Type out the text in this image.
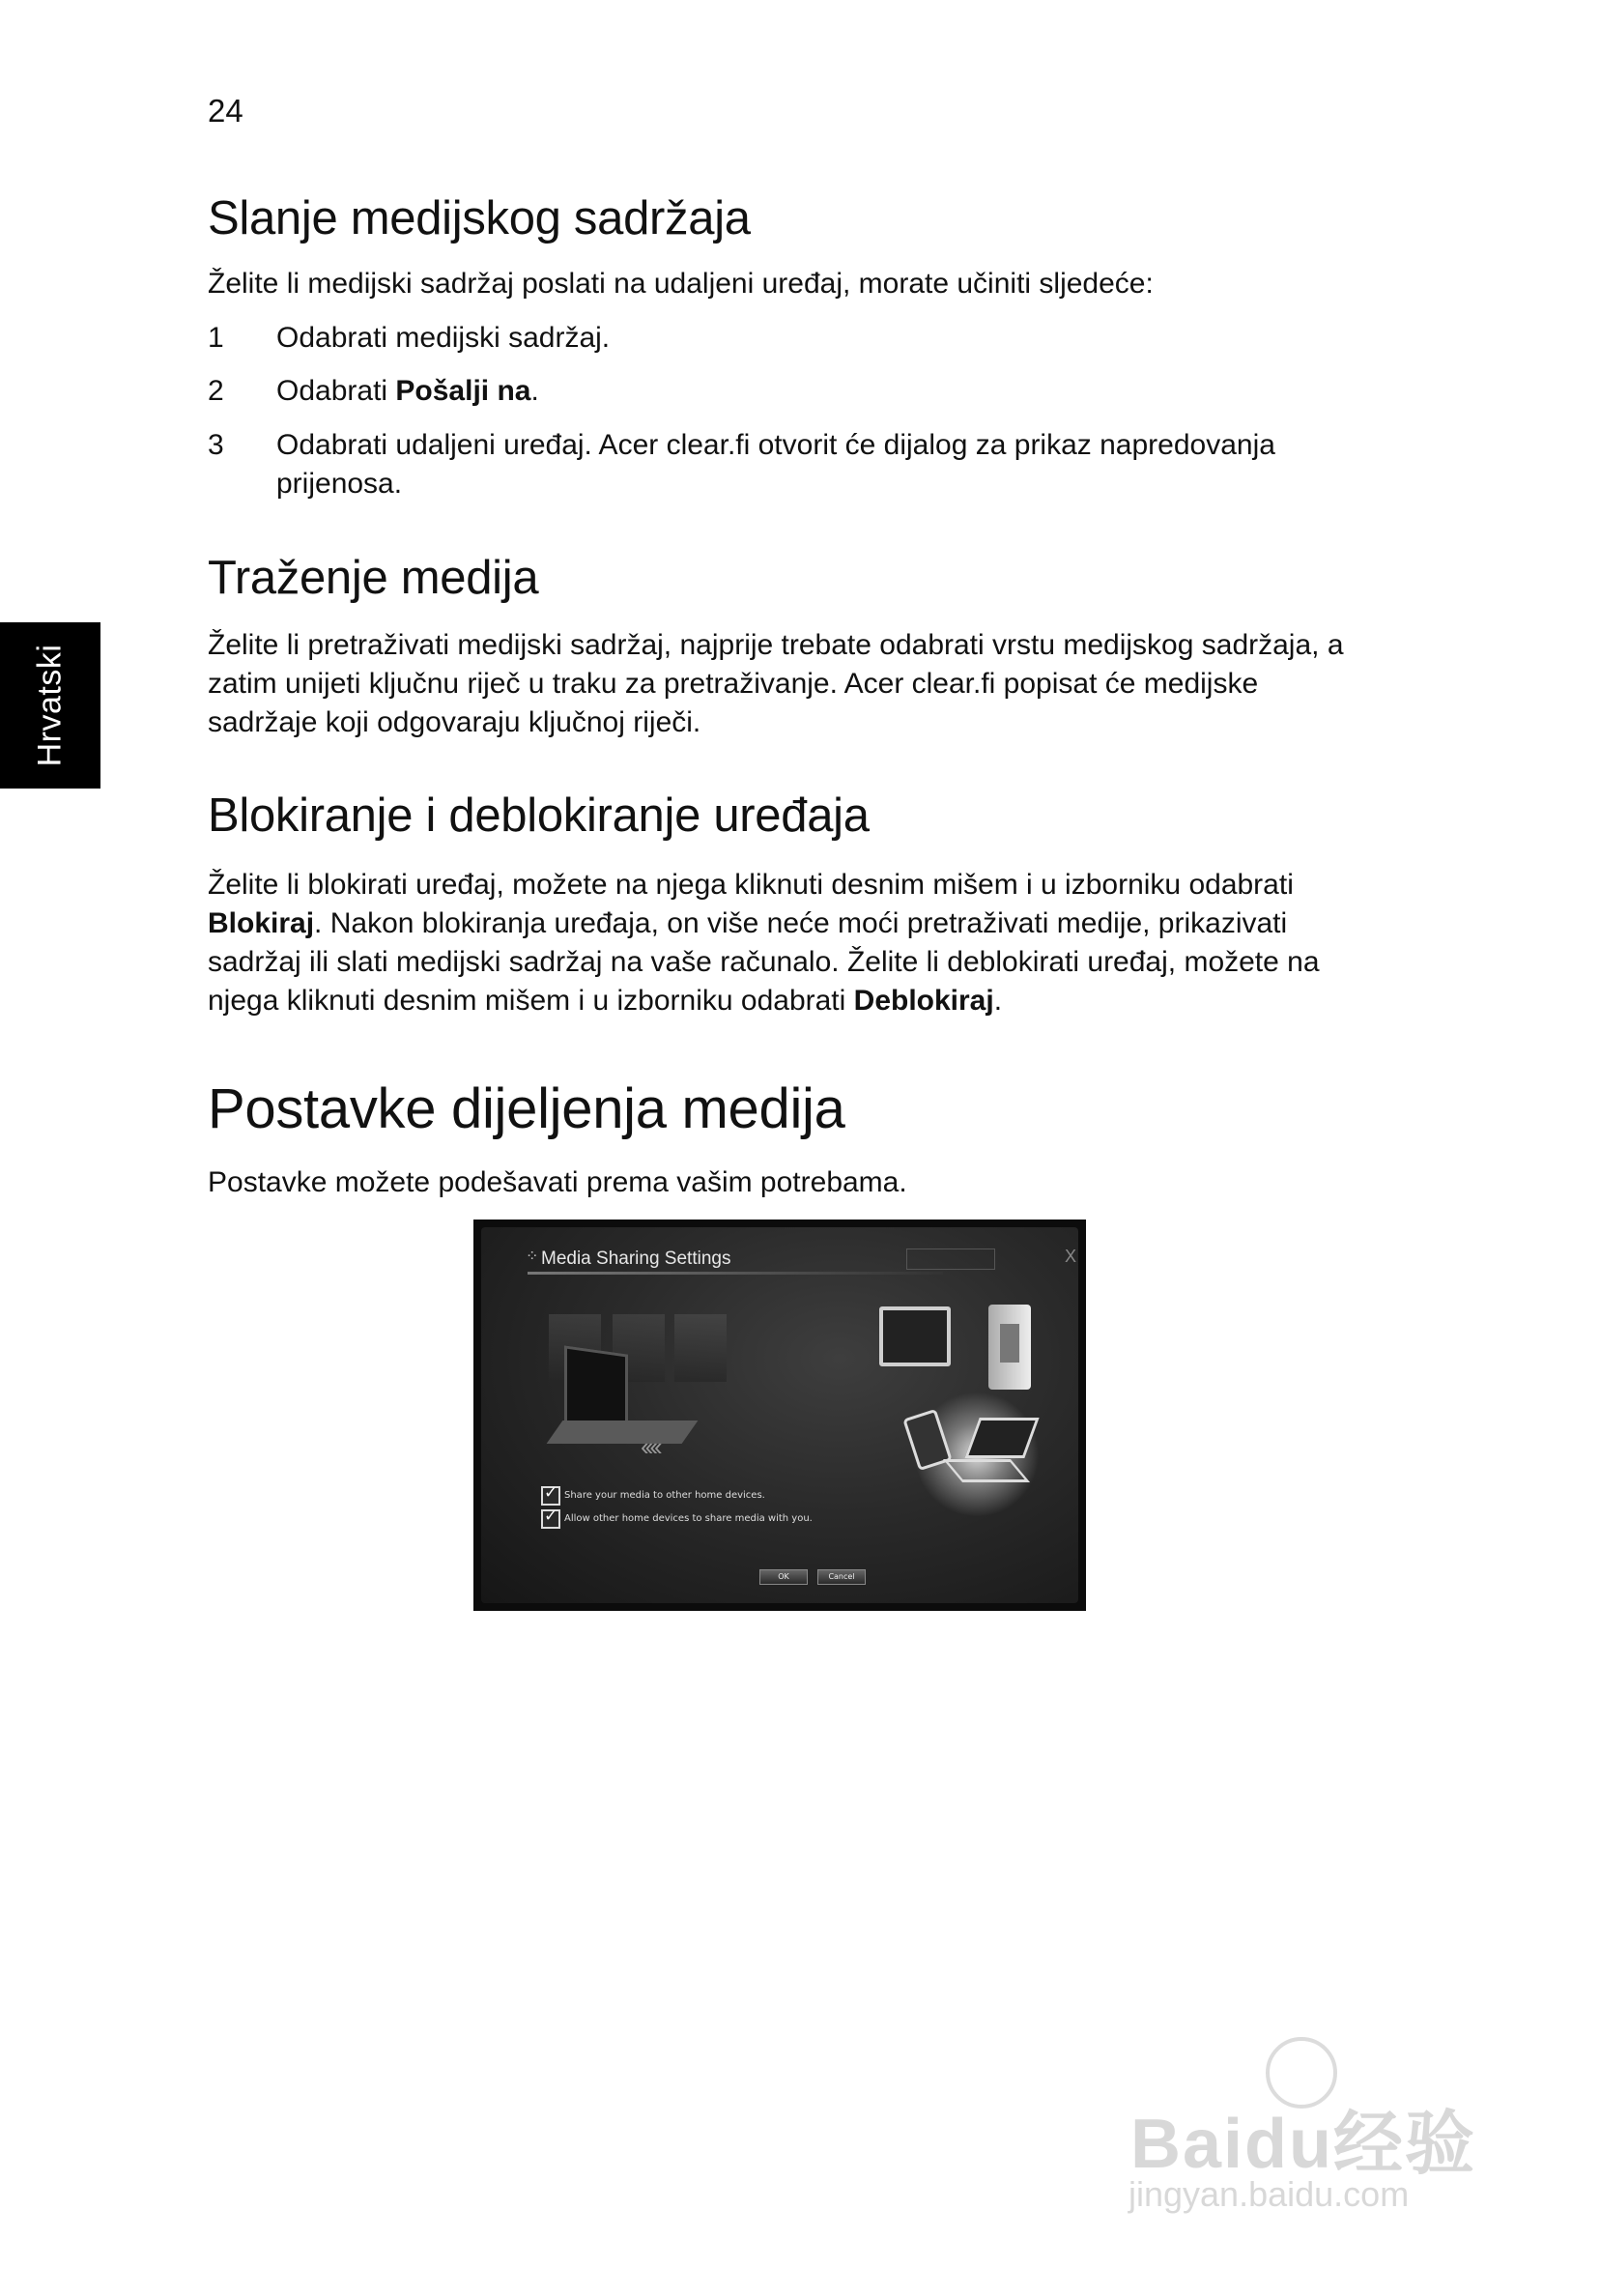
24
Hrvatski
Slanje medijskog sadržaja

Želite li medijski sadržaj poslati na udaljeni uređaj, morate učiniti sljedeće:

1 Odabrati medijski sadržaj.
2 Odabrati Pošalji na.
3 Odabrati udaljeni uređaj. Acer clear.fi otvorit će dijalog za prikaz napredovanja prijenosa.
Traženje medija

Želite li pretraživati medijski sadržaj, najprije trebate odabrati vrstu medijskog sadržaja, a zatim unijeti ključnu riječ u traku za pretraživanje. Acer clear.fi popisat će medijske sadržaje koji odgovaraju ključnoj riječi.

Blokiranje i deblokiranje uređaja

Želite li blokirati uređaj, možete na njega kliknuti desnim mišem i u izborniku odabrati Blokiraj. Nakon blokiranja uređaja, on više neće moći pretraživati medije, prikazivati sadržaj ili slati medijski sadržaj na vaše računalo. Želite li deblokirati uređaj, možete na njega kliknuti desnim mišem i u izborniku odabrati Deblokiraj.

Postavke dijeljenja medija

Postavke možete podešavati prema vašim potrebama.

⁘ Media Sharing Settings	X
‹‹‹‹
✓
Share your media to other home devices.
✓
Allow other home devices to share media with you.
OK	Cancel
Baidu经验
jingyan.baidu.com
